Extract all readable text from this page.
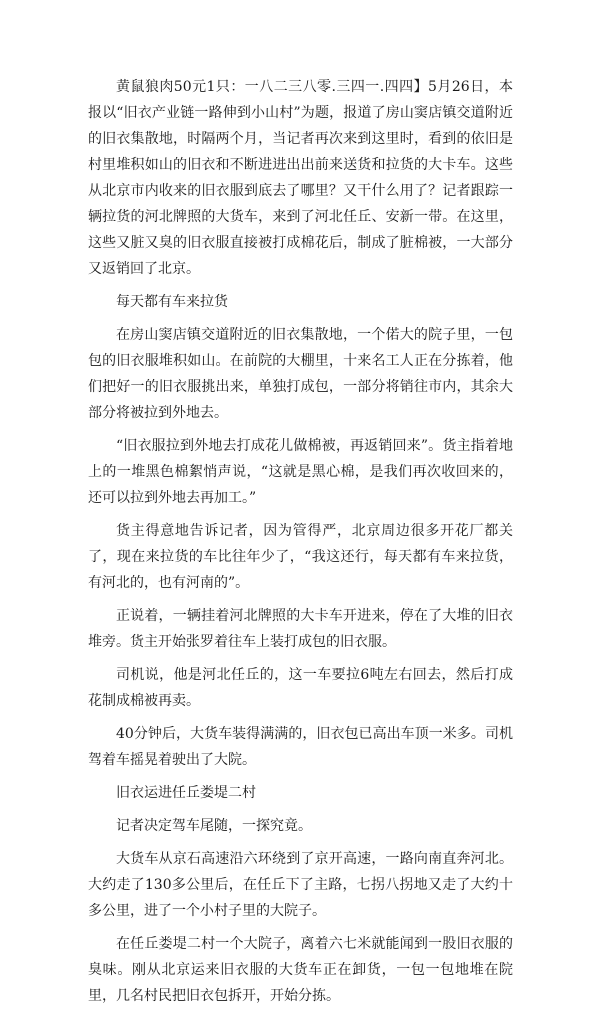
黄鼠狼肉50元1只：一八二三八零.三四一.四四】5月26日，本报以“旧衣产业链一路伸到小山村”为题，报道了房山窦店镇交道附近的旧衣集散地，时隔两个月，当记者再次来到这里时，看到的依旧是村里堆积如山的旧衣和不断进进出出前来送货和拉货的大卡车。这些从北京市内收来的旧衣服到底去了哪里？又干什么用了？记者跟踪一辆拉货的河北牌照的大货车，来到了河北任丘、安新一带。在这里，这些又脏又臭的旧衣服直接被打成棉花后，制成了脏棉被，一大部分又返销回了北京。

每天都有车来拉货

在房山窦店镇交道附近的旧衣集散地，一个偌大的院子里，一包包的旧衣服堆积如山。在前院的大棚里，十来名工人正在分拣着，他们把好一的旧衣服挑出来，单独打成包，一部分将销往市内，其余大部分将被拉到外地去。

“旧衣服拉到外地去打成花儿做棉被，再返销回来”。货主指着地上的一堆黑色棉絮悄声说，“这就是黑心棉，是我们再次收回来的，还可以拉到外地去再加工。”

货主得意地告诉记者，因为管得严，北京周边很多开花厂都关了，现在来拉货的车比往年少了，“我这还行，每天都有车来拉货，有河北的，也有河南的”。

正说着，一辆挂着河北牌照的大卡车开进来，停在了大堆的旧衣堆旁。货主开始张罗着往车上装打成包的旧衣服。

司机说，他是河北任丘的，这一车要拉6吨左右回去，然后打成花制成棉被再卖。

40分钟后，大货车装得满满的，旧衣包已高出车顶一米多。司机驾着车摇晃着驶出了大院。

旧衣运进任丘娄堤二村

记者决定驾车尾随，一探究竟。

大货车从京石高速沿六环绕到了京开高速，一路向南直奔河北。大约走了130多公里后，在任丘下了主路，七拐八拐地又走了大约十多公里，进了一个小村子里的大院子。

在任丘娄堤二村一个大院子，离着六七米就能闻到一股旧衣服的臭味。刚从北京运来旧衣服的大货车正在卸货，一包一包地堆在院里，几名村民把旧衣包拆开，开始分拣。
